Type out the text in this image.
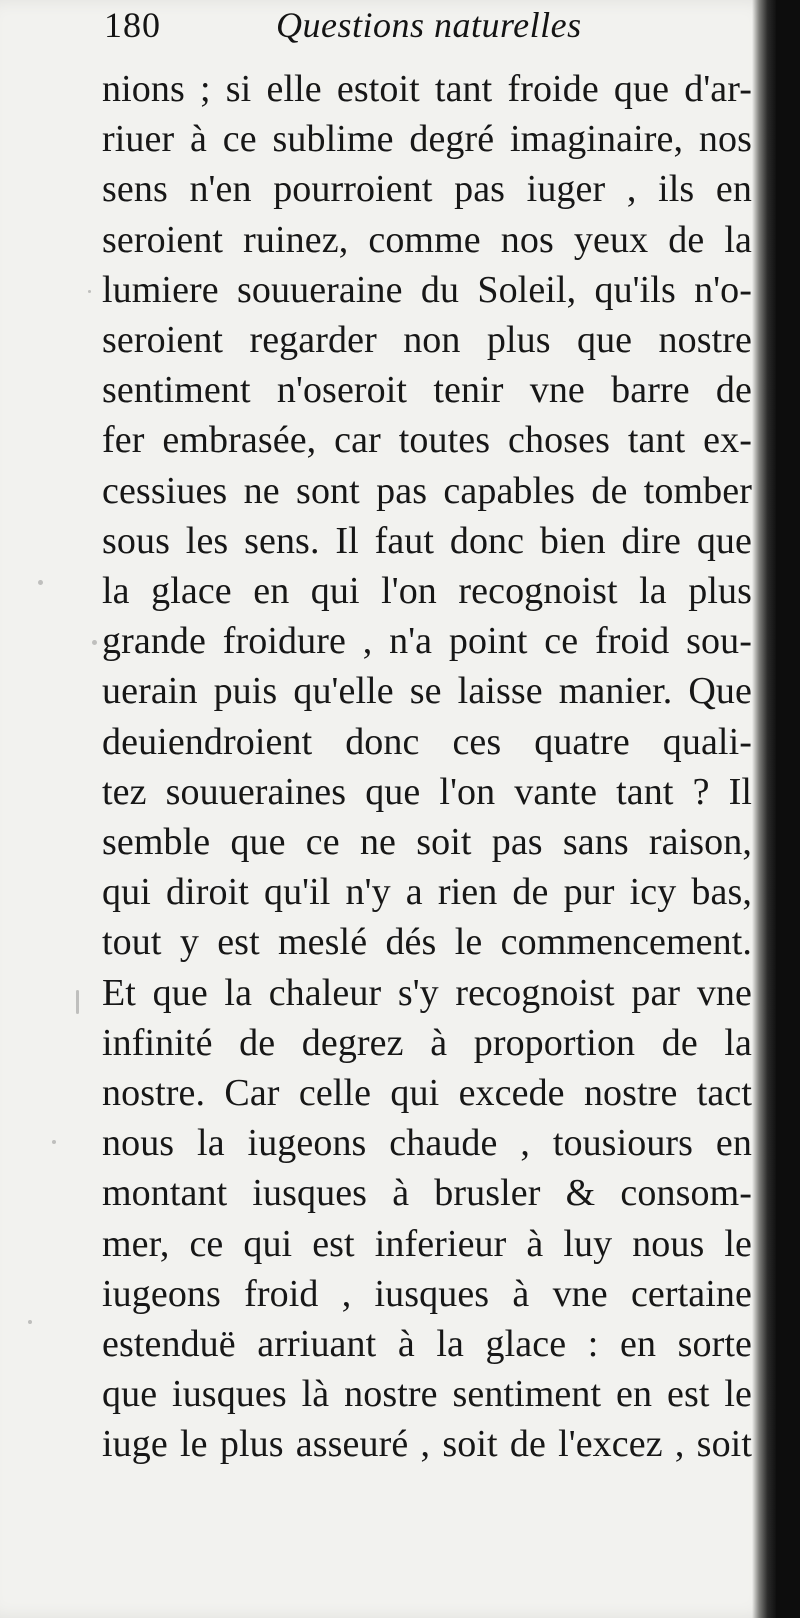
180	Questions naturelles
nions ; si elle estoit tant froide que d'ar-
riuer à ce sublime degré imaginaire, nos
sens n'en pourroient pas iuger , ils en
seroient ruinez, comme nos yeux de la
lumiere souueraine du Soleil, qu'ils n'o-
seroient regarder non plus que nostre
sentiment n'oseroit tenir vne barre de
fer embrasée, car toutes choses tant ex-
cessiues ne sont pas capables de tomber
sous les sens. Il faut donc bien dire que
la glace en qui l'on recognoist la plus
grande froidure , n'a point ce froid sou-
uerain puis qu'elle se laisse manier. Que
deuiendroient donc ces quatre quali-
tez souueraines que l'on vante tant ? Il
semble que ce ne soit pas sans raison,
qui diroit qu'il n'y a rien de pur icy bas,
tout y est meslé dés le commencement.
Et que la chaleur s'y recognoist par vne
infinité de degrez à proportion de la
nostre. Car celle qui excede nostre tact
nous la iugeons chaude , tousiours en
montant iusques à brusler & consom-
mer, ce qui est inferieur à luy nous le
iugeons froid , iusques à vne certaine
estenduë arriuant à la glace : en sorte
que iusques là nostre sentiment en est le
iuge le plus asseuré , soit de l'excez , soit
